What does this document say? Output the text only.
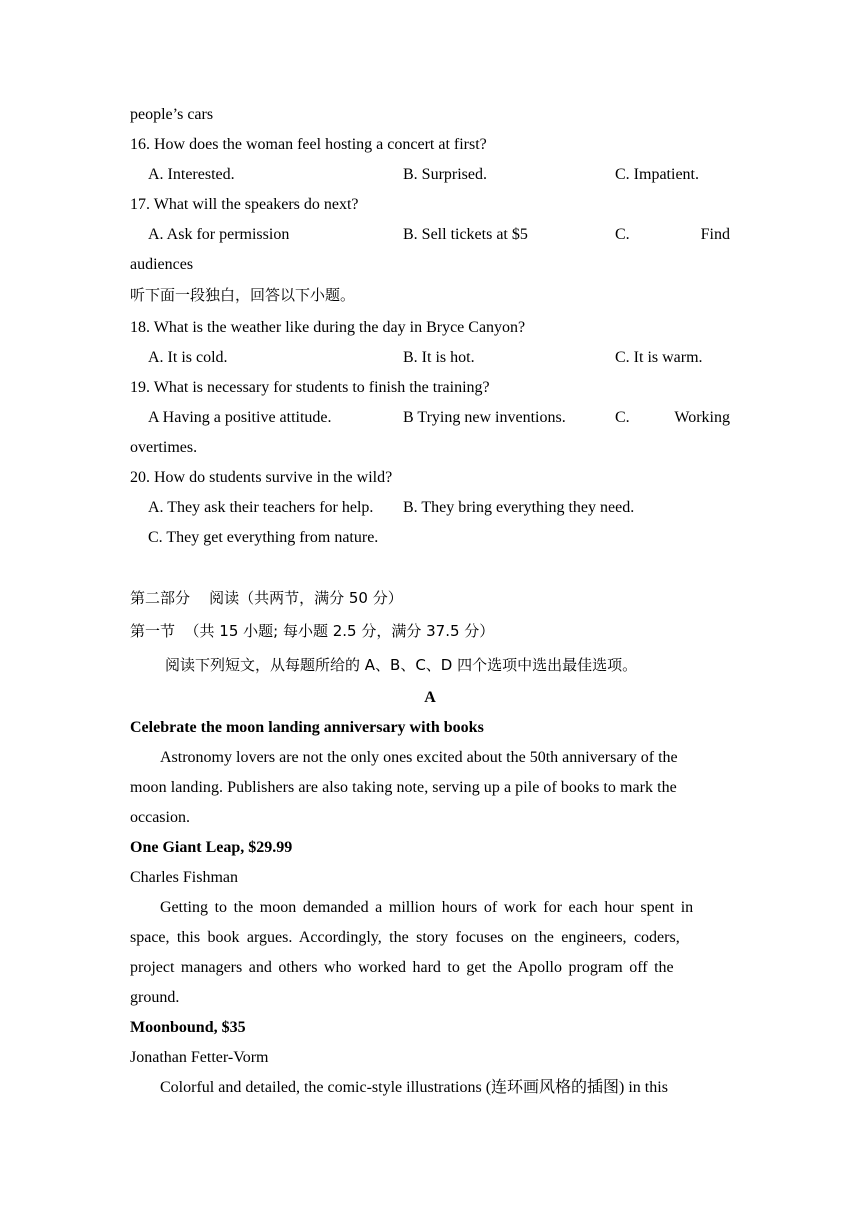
people’s cars
16. How does the woman feel hosting a concert at first?
A. Interested.	B. Surprised.	C. Impatient.
17. What will the speakers do next?
A. Ask for permission	B. Sell tickets at $5	C.	Find
audiences
听下面一段独白，回答以下小题。
18. What is the weather like during the day in Bryce Canyon?
A. It is cold.	B. It is hot.	C. It is warm.
19. What is necessary for students to finish the training?
A Having a positive attitude.	B Trying new inventions.	C.	Working
overtimes.
20. How do students survive in the wild?
A. They ask their teachers for help. B. They bring everything they need.
C. They get everything from nature.
第二部分    阅读（共两节，满分 50 分）
第一节  （共 15 小题; 每小题 2.5 分，满分 37.5 分）
阅读下列短文，从每题所给的 A、B、C、D 四个选项中选出最佳选项。
A
Celebrate the moon landing anniversary with books
Astronomy lovers are not the only ones excited about the 50th anniversary of the
moon landing. Publishers are also taking note, serving up a pile of books to mark the
occasion.
One Giant Leap, $29.99
Charles Fishman
Getting to the moon demanded a million hours of work for each hour spent in
space, this book argues. Accordingly, the story focuses on the engineers, coders,
project managers and others who worked hard to get the Apollo program off the
ground.
Moonbound, $35
Jonathan Fetter-Vorm
Colorful and detailed, the comic-style illustrations (连环画风格的插图) in this
